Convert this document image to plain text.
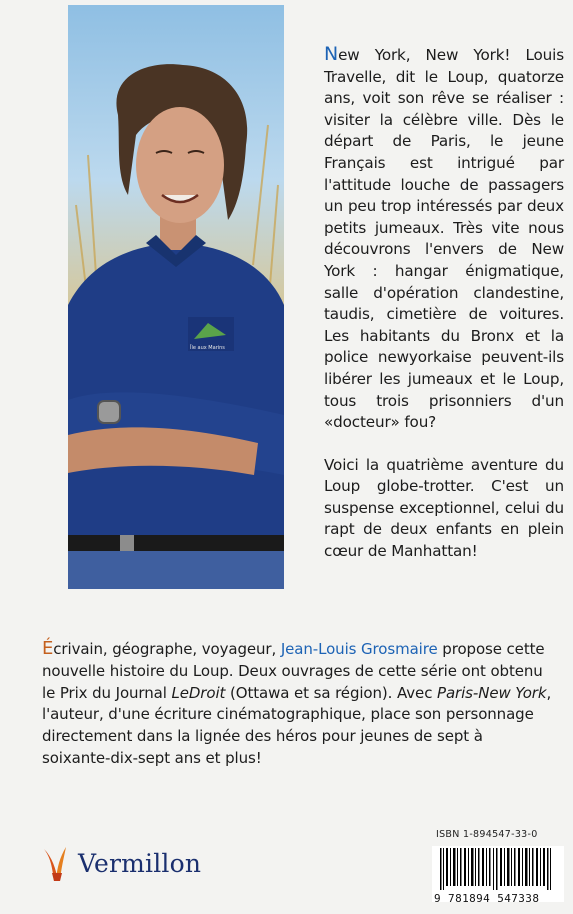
Île aux Marins

New York, New York! Louis Travelle, dit le Loup, quatorze ans, voit son rêve se réaliser : visiter la célèbre ville. Dès le départ de Paris, le jeune Français est intrigué par l'attitude louche de passagers un peu trop intéressés par deux petits jumeaux. Très vite nous découvrons l'envers de New York : hangar énigmatique, salle d'opération clandestine, taudis, cimetière de voitures. Les habitants du Bronx et la police newyorkaise peuvent-ils libérer les jumeaux et le Loup, tous trois prisonniers d'un «docteur» fou?

Voici la quatrième aventure du Loup globe-trotter. C'est un suspense exceptionnel, celui du rapt de deux enfants en plein cœur de Manhattan!

Écrivain, géographe, voyageur, Jean-Louis Grosmaire propose cette nouvelle histoire du Loup. Deux ouvrages de cette série ont obtenu le Prix du Journal LeDroit (Ottawa et sa région). Avec Paris-New York, l'auteur, d'une écriture cinématographique, place son personnage directement dans la lignée des héros pour jeunes de sept à soixante-dix-sept ans et plus!
Vermillon
ISBN 1-894547-33-0
9 781894 547338
